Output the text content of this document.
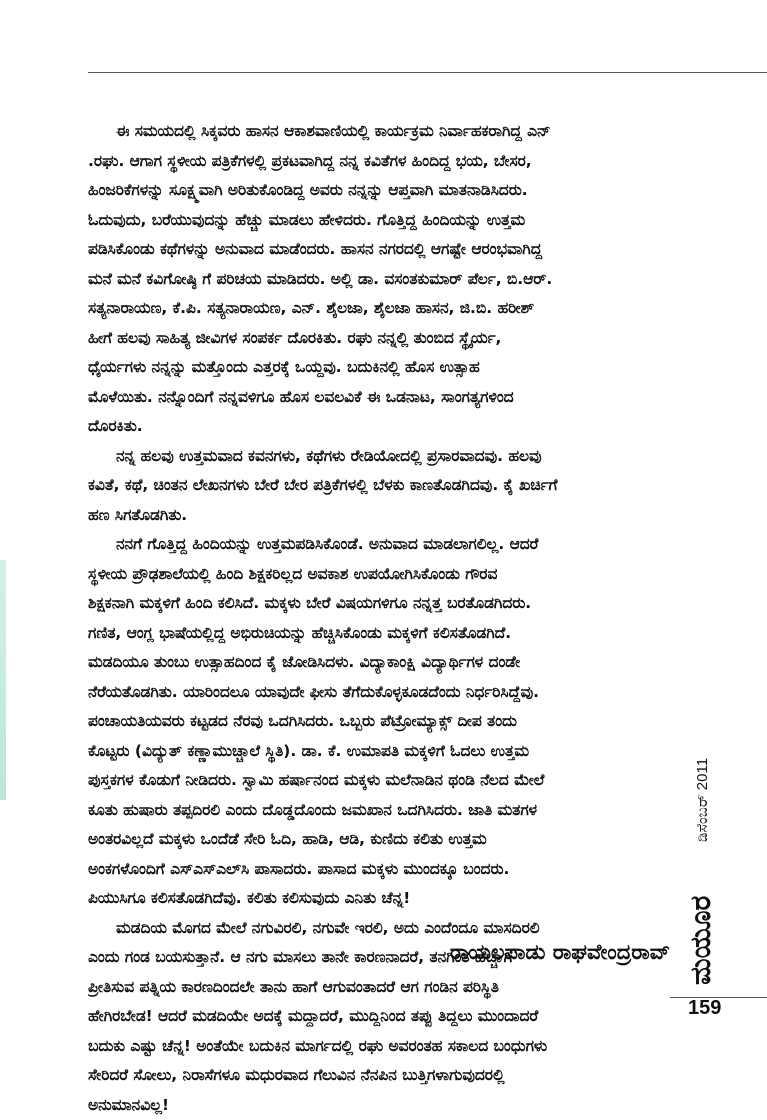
ಈ ಸಮಯದಲ್ಲಿ ಸಿಕ್ಕವರು ಹಾಸನ ಆಕಾಶವಾಣಿಯಲ್ಲಿ ಕಾರ್ಯಕ್ರಮ ನಿರ್ವಾಹಕರಾಗಿದ್ದ ಎನ್
.ರಘು. ಆಗಾಗ ಸ್ಥಳೀಯ ಪತ್ರಿಕೆಗಳಲ್ಲಿ ಪ್ರಕಟವಾಗಿದ್ದ ನನ್ನ ಕವಿತೆಗಳ ಹಿಂದಿದ್ದ ಭಯ, ಬೇಸರ,
ಹಿಂಜರಿಕೆಗಳನ್ನು ಸೂಕ್ಷ್ಮವಾಗಿ ಅರಿತುಕೊಂಡಿದ್ದ ಅವರು ನನ್ನನ್ನು ಆಪ್ತವಾಗಿ ಮಾತನಾಡಿಸಿದರು.
ಓದುವುದು, ಬರೆಯುವುದನ್ನು ಹೆಚ್ಚು ಮಾಡಲು ಹೇಳಿದರು. ಗೊತ್ತಿದ್ದ ಹಿಂದಿಯನ್ನು ಉತ್ತಮ
ಪಡಿಸಿಕೊಂಡು ಕಥೆಗಳನ್ನು ಅನುವಾದ ಮಾಡೆಂದರು. ಹಾಸನ ನಗರದಲ್ಲಿ ಆಗಷ್ಟೇ ಆರಂಭವಾಗಿದ್ದ
ಮನೆ ಮನೆ ಕವಿಗೋಷ್ಠಿ ಗೆ ಪರಿಚಯ ಮಾಡಿದರು. ಅಲ್ಲಿ ಡಾ. ವಸಂತಕುಮಾರ್ ಪೆರ್ಲ, ಬಿ.ಆರ್.
ಸತ್ಯನಾರಾಯಣ, ಕೆ.ಪಿ. ಸತ್ಯನಾರಾಯಣ, ಎನ್. ಶೈಲಜಾ, ಶೈಲಜಾ ಹಾಸನ, ಜಿ.ಬಿ. ಹರೀಶ್
ಹೀಗೆ ಹಲವು ಸಾಹಿತ್ಯ ಜೀವಿಗಳ ಸಂಪರ್ಕ ದೊರಕಿತು. ರಘು ನನ್ನಲ್ಲಿ ತುಂಬಿದ ಸ್ಥೈರ್ಯ,
ಧೈರ್ಯಗಳು ನನ್ನನ್ನು ಮತ್ತೊಂದು ಎತ್ತರಕ್ಕೆ ಒಯ್ದವು. ಬದುಕಿನಲ್ಲಿ ಹೊಸ ಉತ್ಸಾಹ
ಮೊಳೆಯಿತು. ನನ್ನೊಂದಿಗೆ ನನ್ನವಳಿಗೂ ಹೊಸ ಲವಲವಿಕೆ ಈ ಒಡನಾಟ, ಸಾಂಗತ್ಯಗಳಿಂದ
ದೊರಕಿತು.
ನನ್ನ ಹಲವು ಉತ್ತಮವಾದ ಕವನಗಳು, ಕಥೆಗಳು ರೇಡಿಯೋದಲ್ಲಿ ಪ್ರಸಾರವಾದವು. ಹಲವು
ಕವಿತೆ, ಕಥೆ, ಚಿಂತನ ಲೇಖನಗಳು ಬೇರೆ ಬೇರ ಪತ್ರಿಕೆಗಳಲ್ಲಿ ಬೆಳಕು ಕಾಣತೊಡಗಿದವು. ಕೈ ಖರ್ಚಿಗೆ
ಹಣ ಸಿಗತೊಡಗಿತು.
ನನಗೆ ಗೊತ್ತಿದ್ದ ಹಿಂದಿಯನ್ನು ಉತ್ತಮಪಡಿಸಿಕೊಂಡೆ. ಅನುವಾದ ಮಾಡಲಾಗಲಿಲ್ಲ. ಆದರೆ
ಸ್ಥಳೀಯ ಪ್ರೌಢಶಾಲೆಯಲ್ಲಿ ಹಿಂದಿ ಶಿಕ್ಷಕರಿಲ್ಲದ ಅವಕಾಶ ಉಪಯೋಗಿಸಿಕೊಂಡು ಗೌರವ
ಶಿಕ್ಷಕನಾಗಿ ಮಕ್ಕಳಿಗೆ ಹಿಂದಿ ಕಲಿಸಿದೆ. ಮಕ್ಕಳು ಬೇರೆ ವಿಷಯಗಳಿಗೂ ನನ್ನತ್ತ ಬರತೊಡಗಿದರು.
ಗಣಿತ, ಆಂಗ್ಲ ಭಾಷೆಯಲ್ಲಿದ್ದ ಅಭಿರುಚಿಯನ್ನು ಹೆಚ್ಚಿಸಿಕೊಂಡು ಮಕ್ಕಳಿಗೆ ಕಲಿಸತೊಡಗಿದೆ.
ಮಡದಿಯೂ ತುಂಬು ಉತ್ಸಾಹದಿಂದ ಕೈ ಜೋಡಿಸಿದಳು. ವಿದ್ಯಾಕಾಂಕ್ಷಿ ವಿದ್ಯಾರ್ಥಿಗಳ ದಂಡೇ
ನೆರೆಯತೊಡಗಿತು. ಯಾರಿಂದಲೂ ಯಾವುದೇ ಫೀಸು ತೆಗೆದುಕೊಳ್ಳಕೂಡದೆಂದು ನಿರ್ಧರಿಸಿದ್ದೆವು.
ಪಂಚಾಯತಿಯವರು ಕಟ್ಟಡದ ನೆರವು ಒದಗಿಸಿದರು. ಒಬ್ಬರು ಪೆಟ್ರೋಮ್ಯಾಕ್ಸ್ ದೀಪ ತಂದು
ಕೊಟ್ಟರು (ವಿದ್ಯುತ್ ಕಣ್ಣಾಮುಚ್ಚಾಲೆ ಸ್ಥಿತಿ). ಡಾ. ಕೆ. ಉಮಾಪತಿ ಮಕ್ಕಳಿಗೆ ಓದಲು ಉತ್ತಮ
ಪುಸ್ತಕಗಳ ಕೊಡುಗೆ ನೀಡಿದರು. ಸ್ವಾಮಿ ಹರ್ಷಾನಂದ ಮಕ್ಕಳು ಮಲೆನಾಡಿನ ಥಂಡಿ ನೆಲದ ಮೇಲೆ
ಕೂತು ಹುಷಾರು ತಪ್ಪದಿರಲಿ ಎಂದು ದೊಡ್ಡದೊಂದು ಜಮಖಾನ ಒದಗಿಸಿದರು. ಜಾತಿ ಮತಗಳ
ಅಂತರವಿಲ್ಲದೆ ಮಕ್ಕಳು ಒಂದೆಡೆ ಸೇರಿ ಓದಿ, ಹಾಡಿ, ಆಡಿ, ಕುಣಿದು ಕಲಿತು ಉತ್ತಮ
ಅಂಕಗಳೊಂದಿಗೆ ಎಸ್‌ಎಸ್‌ಎಲ್‌ಸಿ ಪಾಸಾದರು. ಪಾಸಾದ ಮಕ್ಕಳು ಮುಂದಕ್ಕೂ ಬಂದರು.
ಪಿಯುಸಿಗೂ ಕಲಿಸತೊಡಗಿದೆವು. ಕಲಿತು ಕಲಿಸುವುದು ಎನಿತು ಚೆನ್ನ!
ಮಡದಿಯ ಮೊಗದ ಮೇಲೆ ನಗುವಿರಲಿ, ನಗುವೇ ಇರಲಿ, ಅದು ಎಂದೆಂದೂ ಮಾಸದಿರಲಿ
ಎಂದು ಗಂಡ ಬಯಸುತ್ತಾನೆ. ಆ ನಗು ಮಾಸಲು ತಾನೇ ಕಾರಣನಾದರೆ, ತನಗಿಂತ ಹೆಚ್ಚಾಗಿ
ಪ್ರೀತಿಸುವ ಪತ್ನಿಯ ಕಾರಣದಿಂದಲೇ ತಾನು ಹಾಗೆ ಆಗುವಂತಾದರೆ ಆಗ ಗಂಡಿನ ಪರಿಸ್ಥಿತಿ
ಹೇಗಿರಬೇಡ! ಆದರೆ ಮಡದಿಯೇ ಅದಕ್ಕೆ ಮದ್ದಾದರೆ, ಮುದ್ದಿನಿಂದ ತಪ್ಪು ತಿದ್ದಲು ಮುಂದಾದರೆ
ಬದುಕು ಎಷ್ಟು ಚೆನ್ನ! ಅಂತೆಯೇ ಬದುಕಿನ ಮಾರ್ಗದಲ್ಲಿ ರಘು ಅವರಂತಹ ಸಕಾಲದ ಬಂಧುಗಳು
ಸೇರಿದರೆ ಸೋಲು, ನಿರಾಸೆಗಳೂ ಮಧುರವಾದ ಗೆಲುವಿನ ನೆನಪಿನ ಬುತ್ತಿಗಳಾಗುವುದರಲ್ಲಿ
ಅನುಮಾನವಿಲ್ಲ!
ರಾಯಲಪಾಡು ರಾಘವೇಂದ್ರರಾವ್
ಡಿಸೆಂಬರ್ 2011
ಮಯೂರ
159
